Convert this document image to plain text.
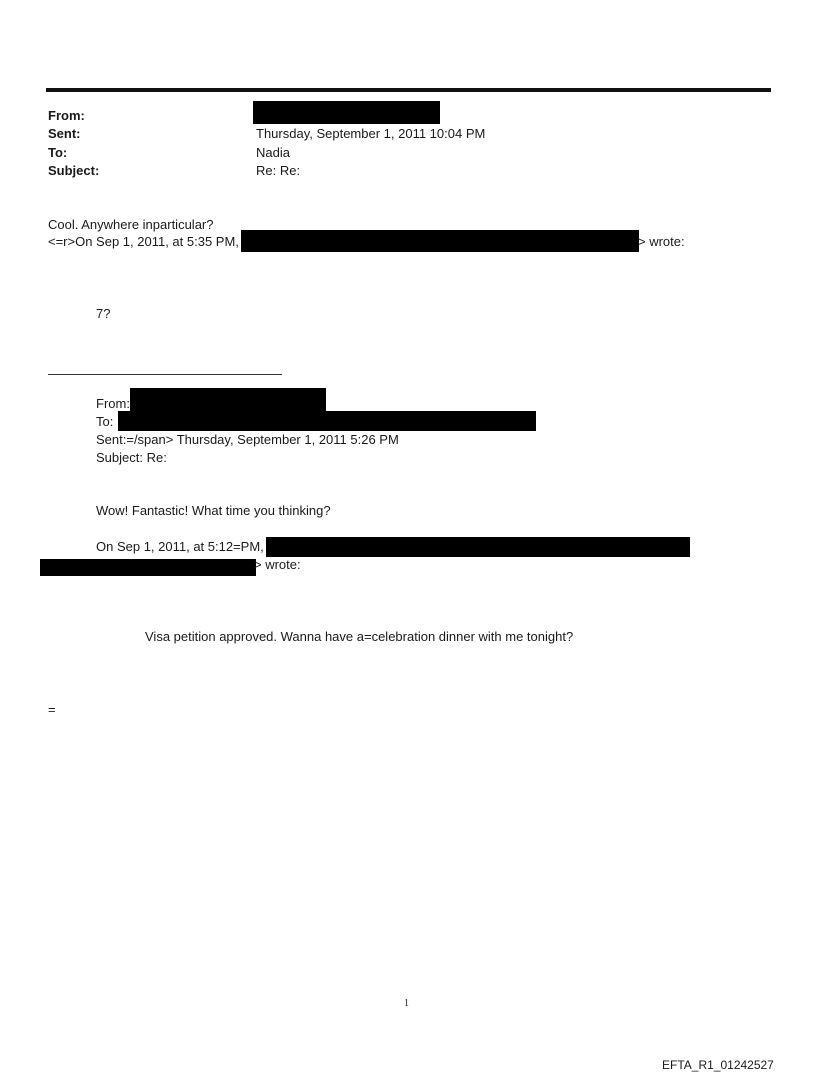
From:
Sent:	Thursday, September 1, 2011 10:04 PM
To:	Nadia
Subject:	Re: Re:
Cool. Anywhere inparticular?
<=r>On Sep 1, 2011, at 5:35 PM,	> wrote:
7?
From:
To:
Sent:=/span> Thursday, September 1, 2011 5:26 PM
Subject: Re:
Wow! Fantastic! What time you thinking?
On Sep 1, 2011, at 5:12=PM,
> wrote:
Visa petition approved. Wanna have a=celebration dinner with me tonight?
=
1
EFTA_R1_01242527
